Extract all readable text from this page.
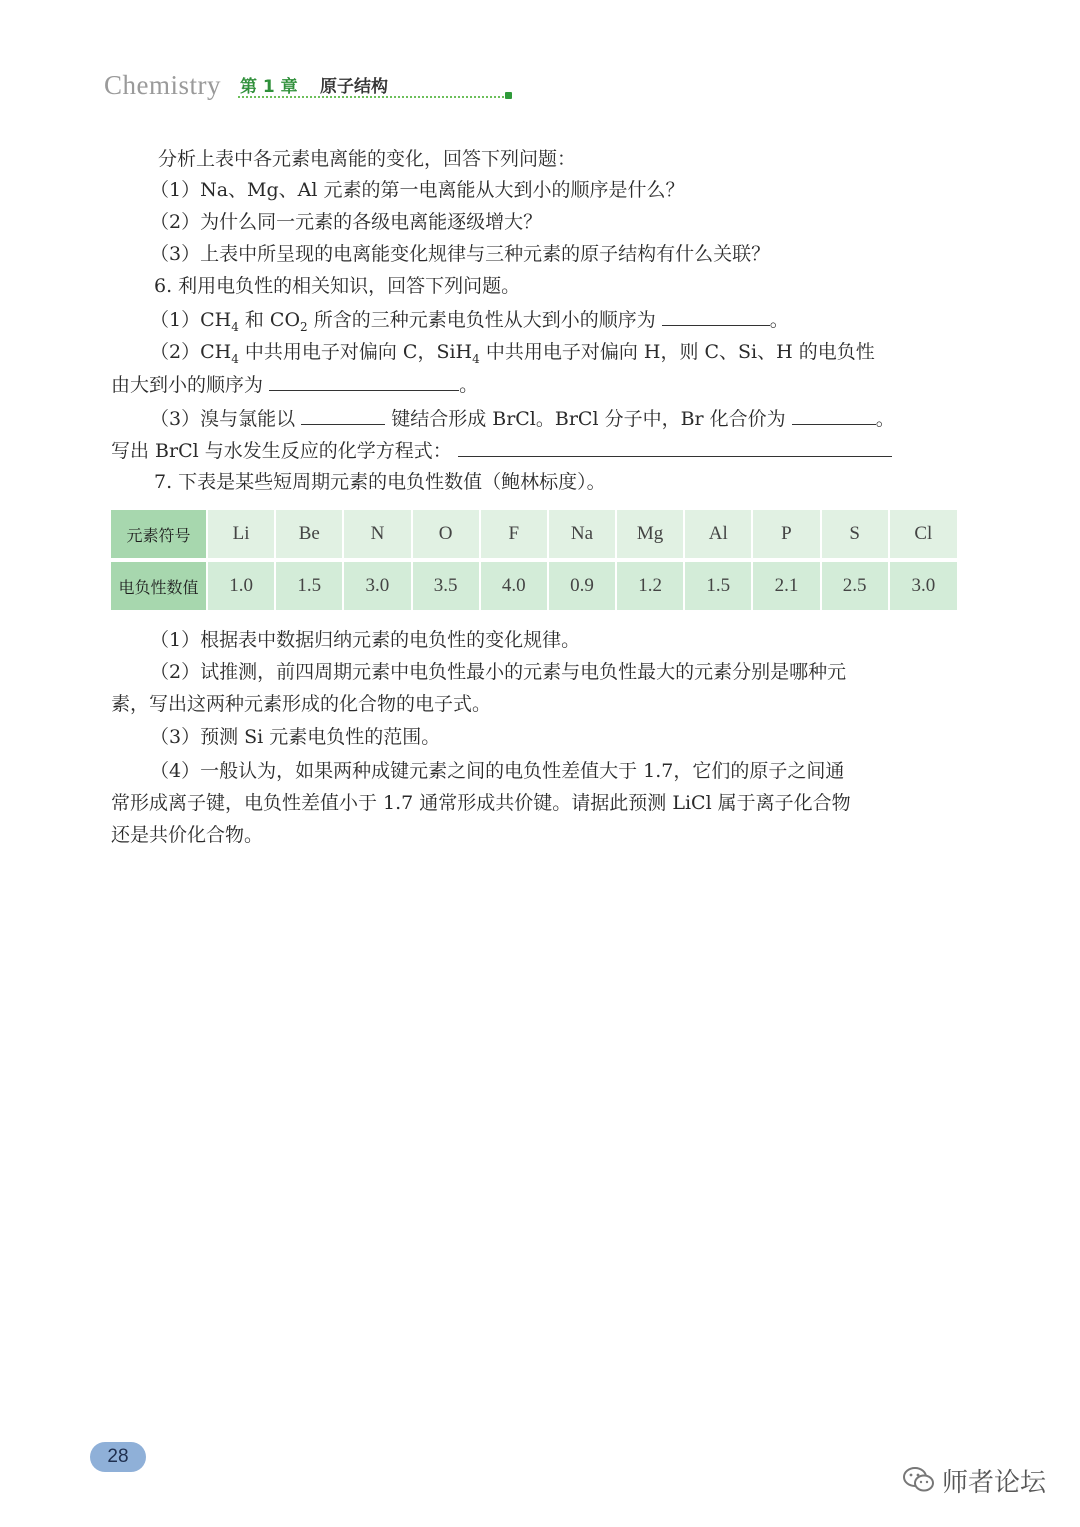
Chemistry 第 1 章 原子结构
分析上表中各元素电离能的变化，回答下列问题：
（1）Na、Mg、Al 元素的第一电离能从大到小的顺序是什么？
（2）为什么同一元素的各级电离能逐级增大？
（3）上表中所呈现的电离能变化规律与三种元素的原子结构有什么关联？
6. 利用电负性的相关知识，回答下列问题。
$(1)CH_4$ 和 $CO_2$ 所含的三种元素电负性从大到小的顺序为	。
$(2)CH_4$ 中共用电子对偏向 C，SiH$_4$ 中共用电子对偏向 H，则 C、Si、H 的电负性
由大到小的顺序为	。
（3）溴与氯能以	键结合形成 BrCl。BrCl 分子中，Br 化合价为	。
写出 BrCl 与水发生反应的化学方程式：
7. 下表是某些短周期元素的电负性数值（鲍林标度）。
元素符号	Li	Be	N	O	F	Na	Mg	Al	P	S	Cl
电负性数值	1.0	1.5	3.0	3.5	4.0	0.9	1.2	1.5	2.1	2.5	3.0
（1）根据表中数据归纳元素的电负性的变化规律。
（2）试推测，前四周期元素中电负性最小的元素与电负性最大的元素分别是哪种元
素，写出这两种元素形成的化合物的电子式。
（3）预测 Si 元素电负性的范围。
（4）一般认为，如果两种成键元素之间的电负性差值大于 1.7，它们的原子之间通
常形成离子键，电负性差值小于 1.7 通常形成共价键。请据此预测 LiCl 属于离子化合物
还是共价化合物。
28
师者论坛
